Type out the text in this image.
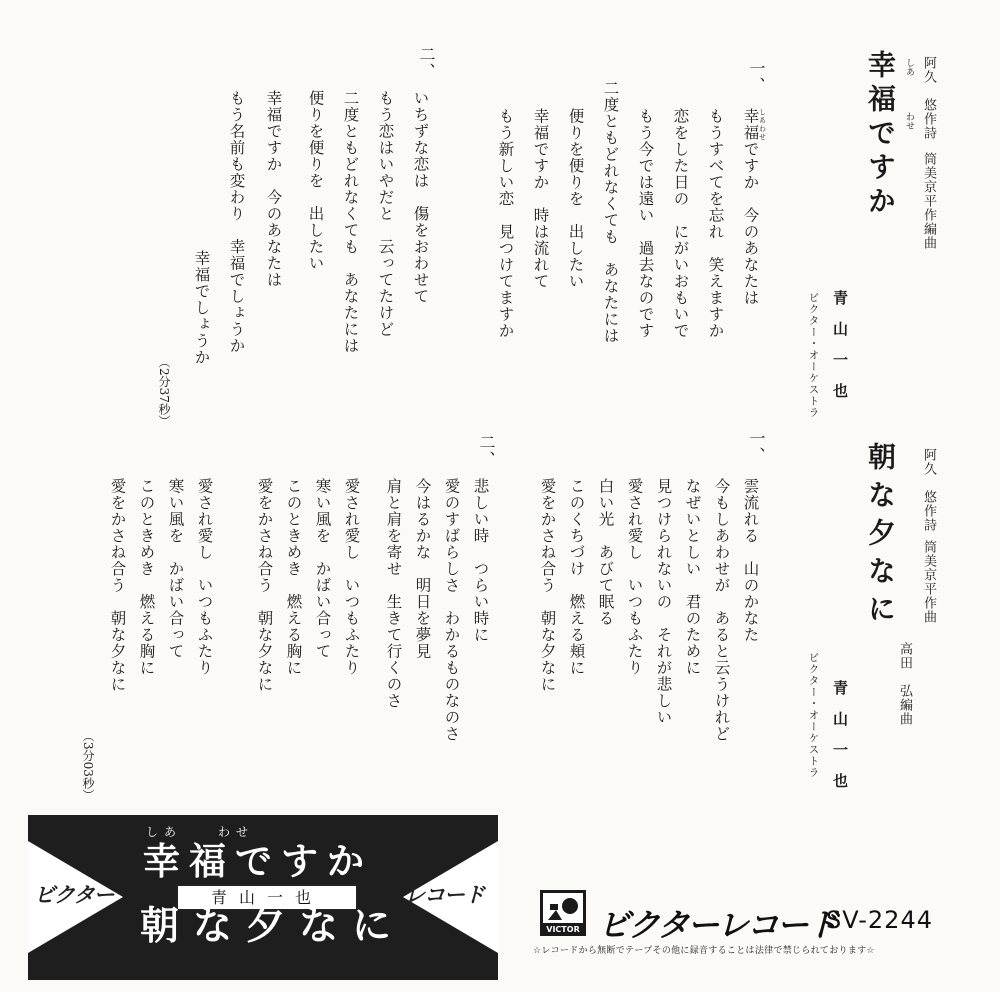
幸福ですか しあ
わせ 阿久　悠作詩
筒美京平作編曲
青山一也
ビクター・オーケストラ
一、
幸福 しあわせですか　今のあなたは
もうすべてを忘れ　笑えますか
恋をした日の　にがいおもいで
もう今では遠い　過去なのです
二度ともどれなくても　あなたには
便りを便りを　出したい
幸福ですか　時は流れて
もう新しい恋　見つけてますか
二、
いちずな恋は　傷をおわせて
もう恋はいやだと　云ってたけど
二度ともどれなくても　あなたには
便りを便りを　出したい
幸福ですか　今のあなたは
もう名前も変わり　幸福でしょうか
幸福でしょうか
（2分37秒）
朝な夕なに 阿久　悠作詩
筒美京平作曲
高田　弘編曲
青山一也
ビクター・オーケストラ
一、
雲流れる　山のかなた
今もしあわせが　あると云うけれど
なぜいとしい　君のために
見つけられないの　それが悲しい
愛され愛し　いつもふたり
白い光　あびて眠る
このくちづけ　燃える頬に
愛をかさね合う　朝な夕なに
二、
悲しい時　つらい時に
愛のすばらしさ　わかるものなのさ
今はるかな　明日を夢見
肩と肩を寄せ　生きて行くのさ
愛され愛し　いつもふたり
寒い風を　かばい合って
このときめき　燃える胸に
愛をかさね合う　朝な夕なに
愛され愛し　いつもふたり
寒い風を　かばい合って
このときめき　燃える胸に
愛をかさね合う　朝な夕なに
（3分03秒）
しあ	わせ
幸福ですか
青山一也
朝な夕なに
ビクター	レコード
VICTOR ビクターレコード
SV-2244
☆レコードから無断でテープその他に録音することは法律で禁じられております☆
